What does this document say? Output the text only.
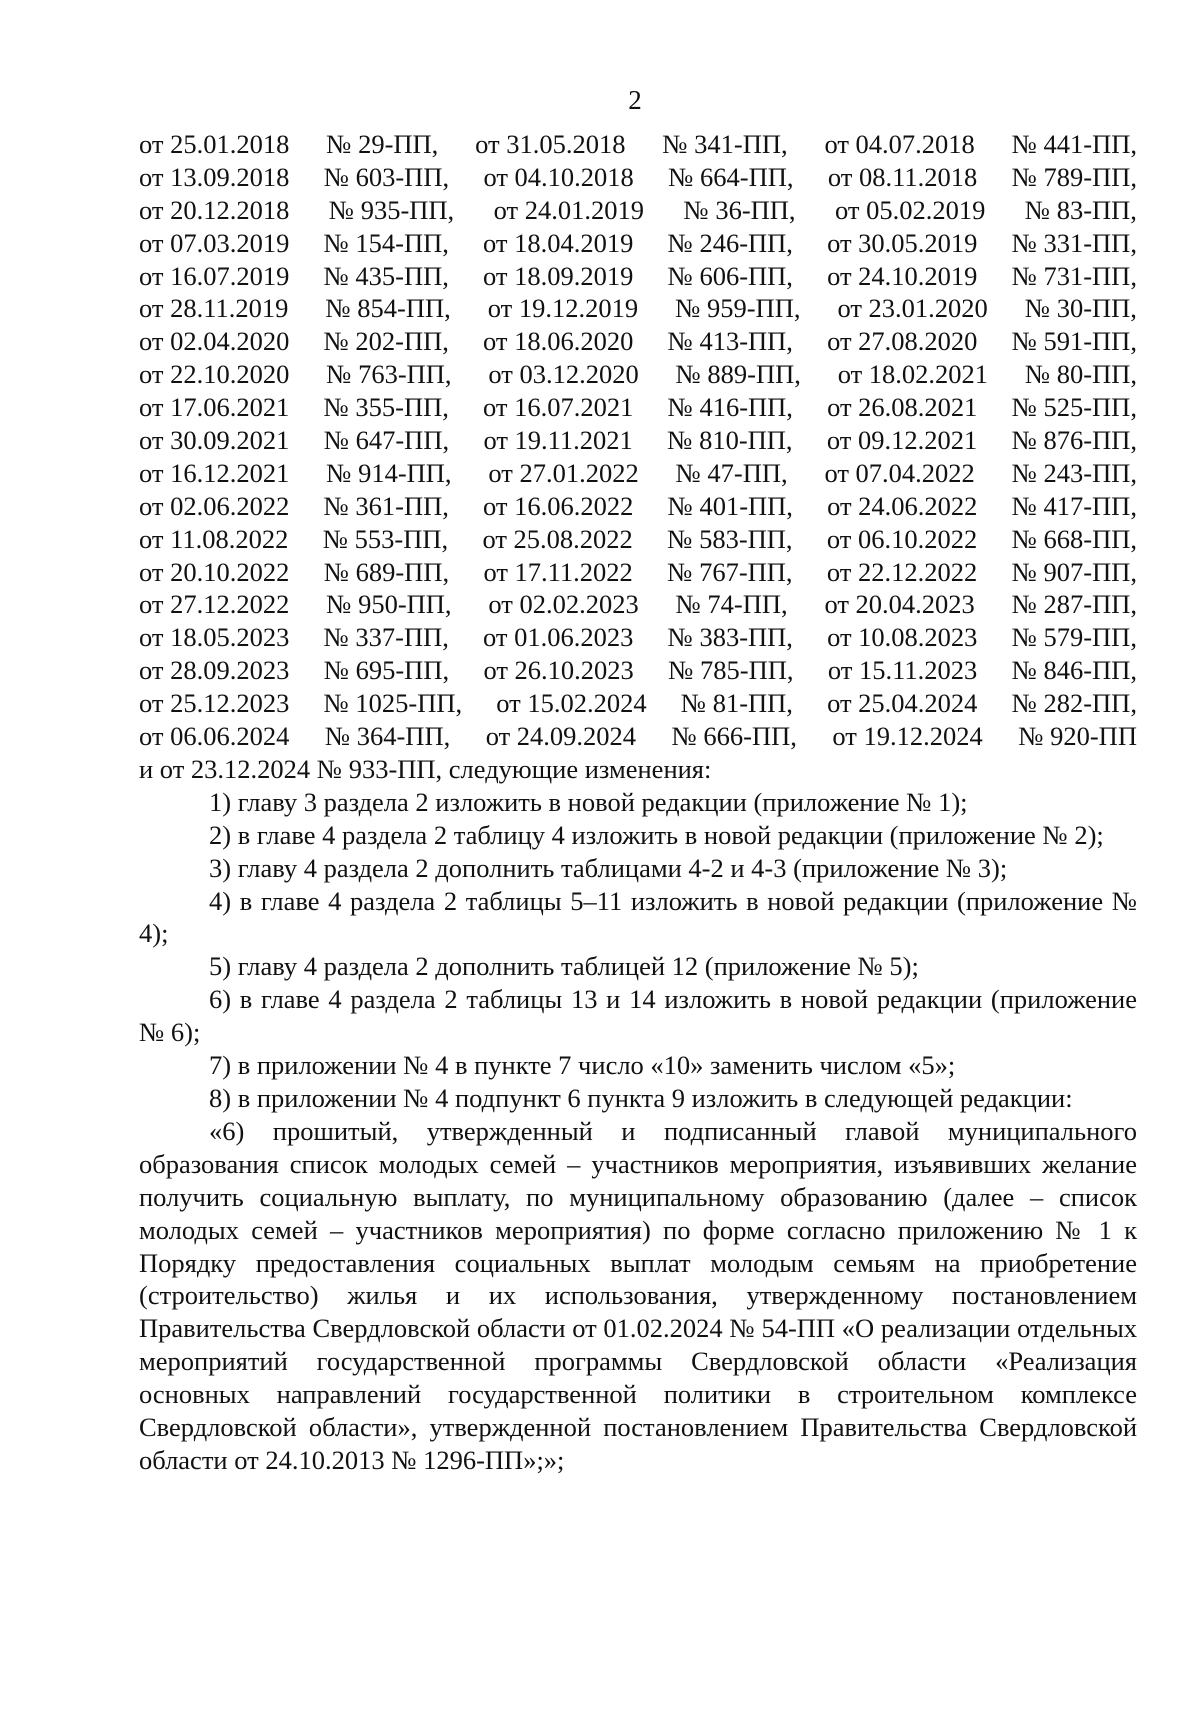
2
от 25.01.2018 № 29-ПП, от 31.05.2018 № 341-ПП, от 04.07.2018 № 441-ПП,
от 13.09.2018 № 603-ПП, от 04.10.2018 № 664-ПП, от 08.11.2018 № 789-ПП,
от 20.12.2018 № 935-ПП, от 24.01.2019 № 36-ПП, от 05.02.2019 № 83-ПП,
от 07.03.2019 № 154-ПП, от 18.04.2019 № 246-ПП, от 30.05.2019 № 331-ПП,
от 16.07.2019 № 435-ПП, от 18.09.2019 № 606-ПП, от 24.10.2019 № 731-ПП,
от 28.11.2019 № 854-ПП, от 19.12.2019 № 959-ПП, от 23.01.2020 № 30-ПП,
от 02.04.2020 № 202-ПП, от 18.06.2020 № 413-ПП, от 27.08.2020 № 591-ПП,
от 22.10.2020 № 763-ПП, от 03.12.2020 № 889-ПП, от 18.02.2021 № 80-ПП,
от 17.06.2021 № 355-ПП, от 16.07.2021 № 416-ПП, от 26.08.2021 № 525-ПП,
от 30.09.2021 № 647-ПП, от 19.11.2021 № 810-ПП, от 09.12.2021 № 876-ПП,
от 16.12.2021 № 914-ПП, от 27.01.2022 № 47-ПП, от 07.04.2022 № 243-ПП,
от 02.06.2022 № 361-ПП, от 16.06.2022 № 401-ПП, от 24.06.2022 № 417-ПП,
от 11.08.2022 № 553-ПП, от 25.08.2022 № 583-ПП, от 06.10.2022 № 668-ПП,
от 20.10.2022 № 689-ПП, от 17.11.2022 № 767-ПП, от 22.12.2022 № 907-ПП,
от 27.12.2022 № 950-ПП, от 02.02.2023 № 74-ПП, от 20.04.2023 № 287-ПП,
от 18.05.2023 № 337-ПП, от 01.06.2023 № 383-ПП, от 10.08.2023 № 579-ПП,
от 28.09.2023 № 695-ПП, от 26.10.2023 № 785-ПП, от 15.11.2023 № 846-ПП,
от 25.12.2023 № 1025-ПП, от 15.02.2024 № 81-ПП, от 25.04.2024 № 282-ПП,
от 06.06.2024 № 364-ПП, от 24.09.2024 № 666-ПП, от 19.12.2024 № 920-ПП

и от 23.12.2024 № 933-ПП, следующие изменения:

1) главу 3 раздела 2 изложить в новой редакции (приложение № 1);

2) в главе 4 раздела 2 таблицу 4 изложить в новой редакции (приложение № 2);

3) главу 4 раздела 2 дополнить таблицами 4-2 и 4-3 (приложение № 3);

4) в главе 4 раздела 2 таблицы 5–11 изложить в новой редакции (приложение № 4);

5) главу 4 раздела 2 дополнить таблицей 12 (приложение № 5);

6) в главе 4 раздела 2 таблицы 13 и 14 изложить в новой редакции (приложение № 6);

7) в приложении № 4 в пункте 7 число «10» заменить числом «5»;

8) в приложении № 4 подпункт 6 пункта 9 изложить в следующей редакции:

«6) прошитый, утвержденный и подписанный главой муниципального образования список молодых семей – участников мероприятия, изъявивших желание получить социальную выплату, по муниципальному образованию (далее – список молодых семей – участников мероприятия) по форме согласно приложению № 1 к Порядку предоставления социальных выплат молодым семьям на приобретение (строительство) жилья и их использования, утвержденному постановлением Правительства Свердловской области от 01.02.2024 № 54-ПП «О реализации отдельных мероприятий государственной программы Свердловской области «Реализация основных направлений государственной политики в строительном комплексе Свердловской области», утвержденной постановлением Правительства Свердловской области от 24.10.2013 № 1296-ПП»;»;
